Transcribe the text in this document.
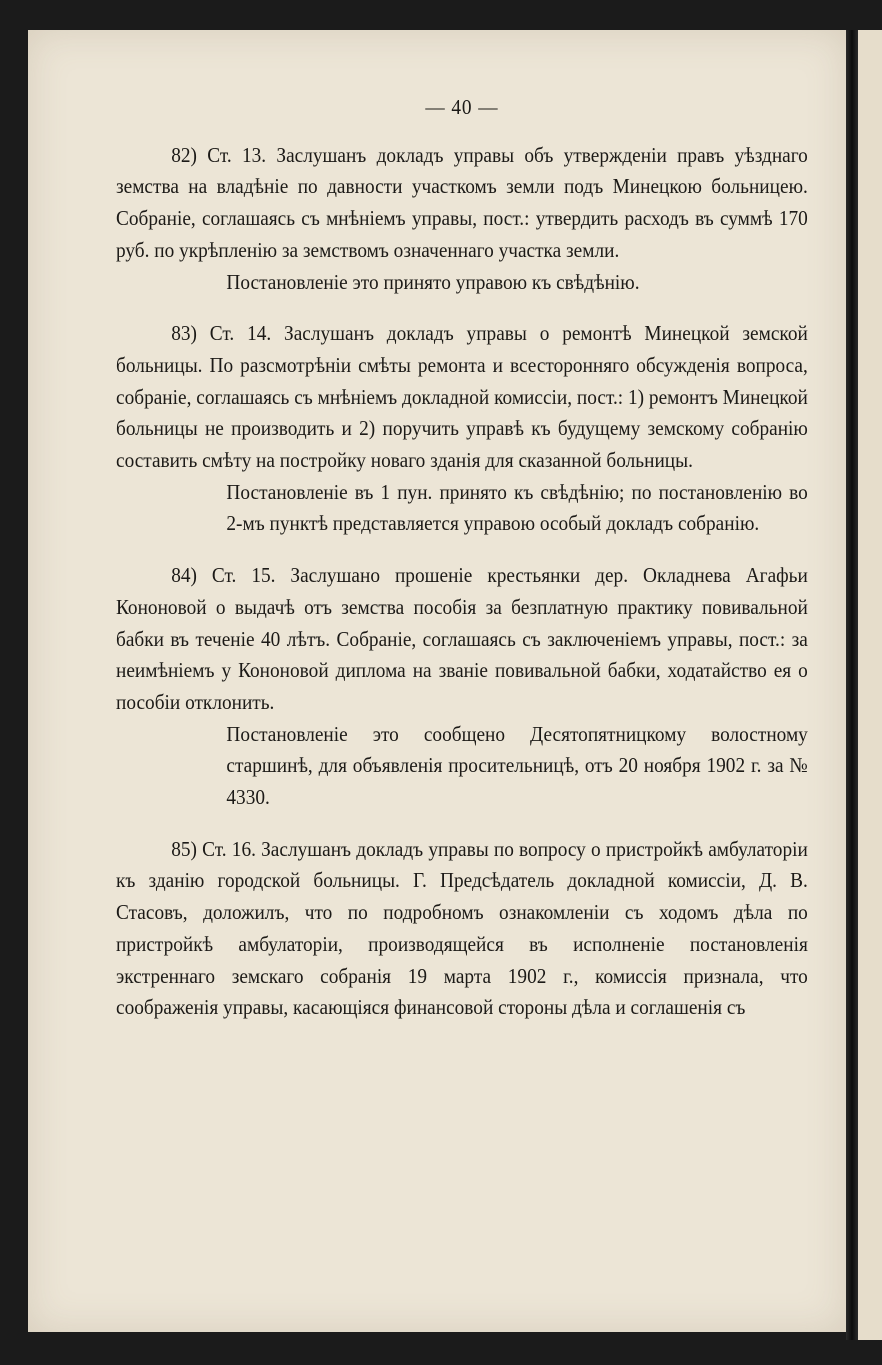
— 40 —

82) Ст. 13. Заслушанъ докладъ управы объ утвержденіи правъ уѣзднаго земства на владѣніе по давности участкомъ земли подъ Минецкою больницею. Собраніе, соглашаясь съ мнѣніемъ управы, пост.: утвердить расходъ въ суммѣ 170 руб. по укрѣпленію за земствомъ означеннаго участка земли.

Постановленіе это принято управою къ свѣдѣнію.

83) Ст. 14. Заслушанъ докладъ управы о ремонтѣ Минецкой земской больницы. По разсмотрѣніи смѣты ремонта и всесторонняго обсужденія вопроса, собраніе, соглашаясь съ мнѣніемъ докладной комиссіи, пост.: 1) ремонтъ Минецкой больницы не производить и 2) поручить управѣ къ будущему земскому собранію составить смѣту на постройку новаго зданія для сказанной больницы.

Постановленіе въ 1 пун. принято къ свѣдѣнію; по постановленію во 2-мъ пунктѣ представляется управою особый докладъ собранію.

84) Ст. 15. Заслушано прошеніе крестьянки дер. Окладнева Агафьи Кононовой о выдачѣ отъ земства пособія за безплатную практику повивальной бабки въ теченіе 40 лѣтъ. Собраніе, соглашаясь съ заключеніемъ управы, пост.: за неимѣніемъ у Кононовой диплома на званіе повивальной бабки, ходатайство ея о пособіи отклонить.

Постановленіе это сообщено Десятопятницкому волостному старшинѣ, для объявленія просительницѣ, отъ 20 ноября 1902 г. за № 4330.

85) Ст. 16. Заслушанъ докладъ управы по вопросу о пристройкѣ амбулаторіи къ зданію городской больницы. Г. Предсѣдатель докладной комиссіи, Д. В. Стасовъ, доложилъ, что по подробномъ ознакомленіи съ ходомъ дѣла по пристройкѣ амбулаторіи, производящейся въ исполненіе постановленія экстреннаго земскаго собранія 19 марта 1902 г., комиссія признала, что соображенія управы, касающіяся финансовой стороны дѣла и соглашенія съ
